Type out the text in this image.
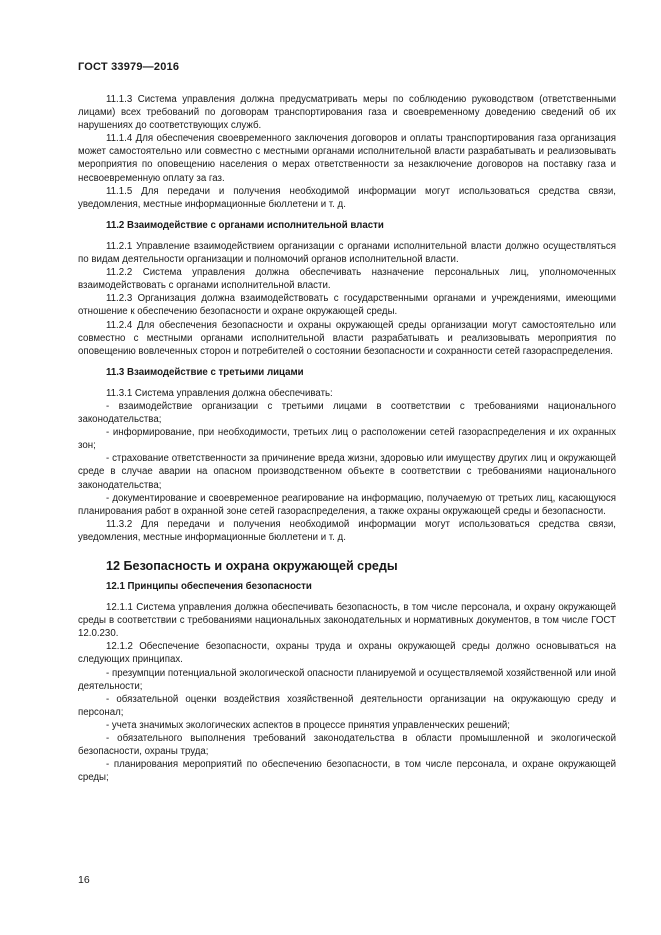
ГОСТ 33979—2016

11.1.3 Система управления должна предусматривать меры по соблюдению руководством (ответственными лицами) всех требований по договорам транспортирования газа и своевременному доведению сведений об их нарушениях до соответствующих служб.

11.1.4 Для обеспечения своевременного заключения договоров и оплаты транспортирования газа организация может самостоятельно или совместно с местными органами исполнительной власти разрабатывать и реализовывать мероприятия по оповещению населения о мерах ответственности за незаключение договоров на поставку газа и несвоевременную оплату за газ.

11.1.5 Для передачи и получения необходимой информации могут использоваться средства связи, уведомления, местные информационные бюллетени и т. д.

11.2 Взаимодействие с органами исполнительной власти

11.2.1 Управление взаимодействием организации с органами исполнительной власти должно осуществляться по видам деятельности организации и полномочий органов исполнительной власти.

11.2.2 Система управления должна обеспечивать назначение персональных лиц, уполномоченных взаимодействовать с органами исполнительной власти.

11.2.3 Организация должна взаимодействовать с государственными органами и учреждениями, имеющими отношение к обеспечению безопасности и охране окружающей среды.

11.2.4 Для обеспечения безопасности и охраны окружающей среды организации могут самостоятельно или совместно с местными органами исполнительной власти разрабатывать и реализовывать мероприятия по оповещению вовлеченных сторон и потребителей о состоянии безопасности и сохранности сетей газораспределения.

11.3 Взаимодействие с третьими лицами

11.3.1 Система управления должна обеспечивать:

- взаимодействие организации с третьими лицами в соответствии с требованиями национального законодательства;

- информирование, при необходимости, третьих лиц о расположении сетей газораспределения и их охранных зон;

- страхование ответственности за причинение вреда жизни, здоровью или имуществу других лиц и окружающей среде в случае аварии на опасном производственном объекте в соответствии с требованиями национального законодательства;

- документирование и своевременное реагирование на информацию, получаемую от третьих лиц, касающуюся планирования работ в охранной зоне сетей газораспределения, а также охраны окружающей среды и безопасности.

11.3.2 Для передачи и получения необходимой информации могут использоваться средства связи, уведомления, местные информационные бюллетени и т. д.

12 Безопасность и охрана окружающей среды

12.1 Принципы обеспечения безопасности

12.1.1 Система управления должна обеспечивать безопасность, в том числе персонала, и охрану окружающей среды в соответствии с требованиями национальных законодательных и нормативных документов, в том числе ГОСТ 12.0.230.

12.1.2 Обеспечение безопасности, охраны труда и охраны окружающей среды должно основываться на следующих принципах.

- презумпции потенциальной экологической опасности планируемой и осуществляемой хозяйственной или иной деятельности;

- обязательной оценки воздействия хозяйственной деятельности организации на окружающую среду и персонал;

- учета значимых экологических аспектов в процессе принятия управленческих решений;

- обязательного выполнения требований законодательства в области промышленной и экологической безопасности, охраны труда;

- планирования мероприятий по обеспечению безопасности, в том числе персонала, и охране окружающей среды;

16
